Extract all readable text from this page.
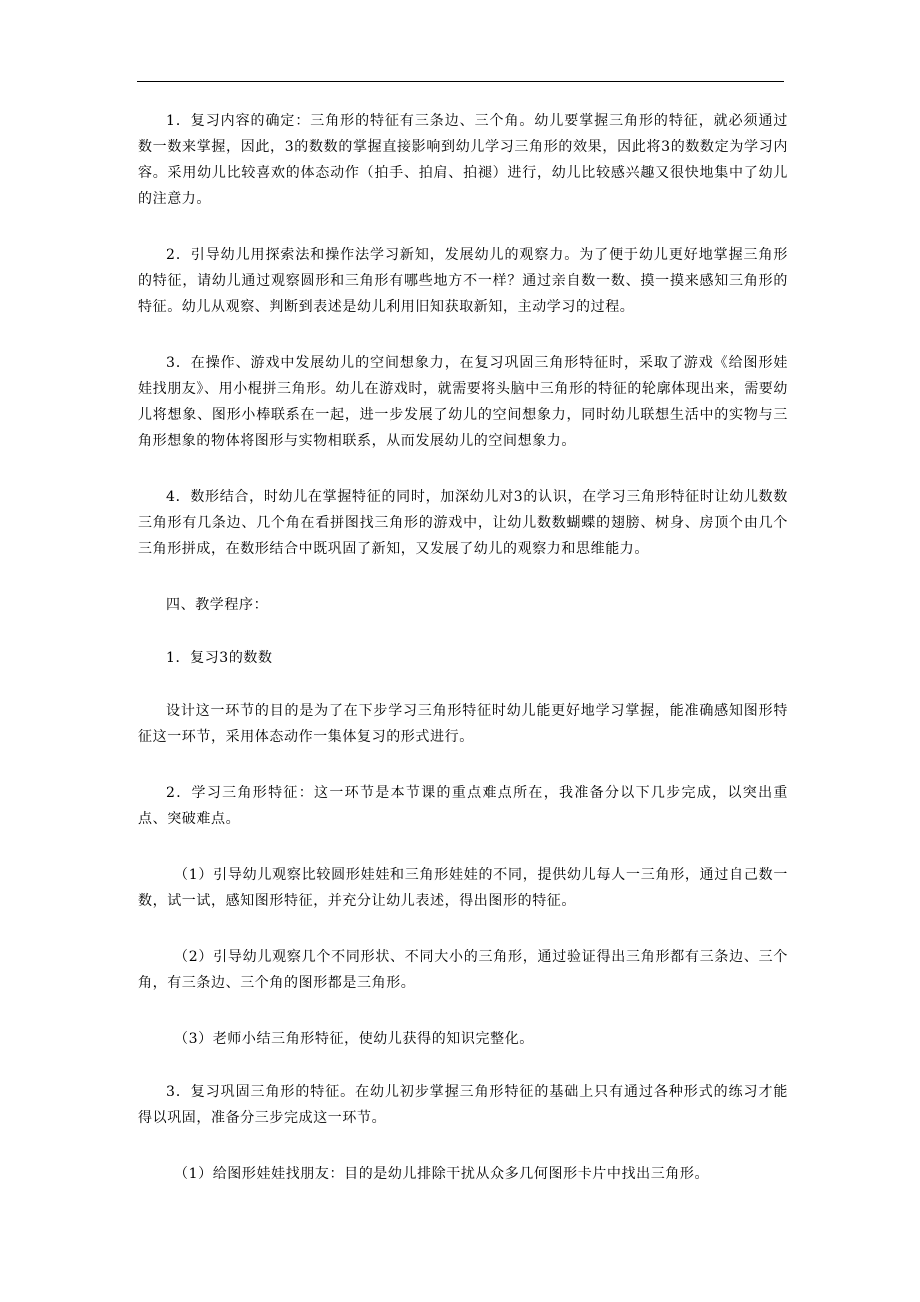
1．复习内容的确定：三角形的特征有三条边、三个角。幼儿要掌握三角形的特征，就必须通过数一数来掌握，因此，3的数数的掌握直接影响到幼儿学习三角形的效果，因此将3的数数定为学习内容。采用幼儿比较喜欢的体态动作（拍手、拍肩、拍褪）进行，幼儿比较感兴趣又很快地集中了幼儿的注意力。

2．引导幼儿用探索法和操作法学习新知，发展幼儿的观察力。为了便于幼儿更好地掌握三角形的特征，请幼儿通过观察圆形和三角形有哪些地方不一样？通过亲自数一数、摸一摸来感知三角形的特征。幼儿从观察、判断到表述是幼儿利用旧知获取新知，主动学习的过程。

3．在操作、游戏中发展幼儿的空间想象力，在复习巩固三角形特征时，采取了游戏《给图形娃娃找朋友》、用小棍拼三角形。幼儿在游戏时，就需要将头脑中三角形的特征的轮廓体现出来，需要幼儿将想象、图形小棒联系在一起，进一步发展了幼儿的空间想象力，同时幼儿联想生活中的实物与三角形想象的物体将图形与实物相联系，从而发展幼儿的空间想象力。

4．数形结合，时幼儿在掌握特征的同时，加深幼儿对3的认识，在学习三角形特征时让幼儿数数三角形有几条边、几个角在看拼图找三角形的游戏中，让幼儿数数蝴蝶的翅膀、树身、房顶个由几个三角形拼成，在数形结合中既巩固了新知，又发展了幼儿的观察力和思维能力。

四、教学程序：

1．复习3的数数

设计这一环节的目的是为了在下步学习三角形特征时幼儿能更好地学习掌握，能准确感知图形特征这一环节，采用体态动作一集体复习的形式进行。

2．学习三角形特征：这一环节是本节课的重点难点所在，我准备分以下几步完成，以突出重点、突破难点。

（1）引导幼儿观察比较圆形娃娃和三角形娃娃的不同，提供幼儿每人一三角形，通过自己数一数，试一试，感知图形特征，并充分让幼儿表述，得出图形的特征。

（2）引导幼儿观察几个不同形状、不同大小的三角形，通过验证得出三角形都有三条边、三个角，有三条边、三个角的图形都是三角形。

（3）老师小结三角形特征，使幼儿获得的知识完整化。

3．复习巩固三角形的特征。在幼儿初步掌握三角形特征的基础上只有通过各种形式的练习才能得以巩固，准备分三步完成这一环节。

（1）给图形娃娃找朋友：目的是幼儿排除干扰从众多几何图形卡片中找出三角形。
